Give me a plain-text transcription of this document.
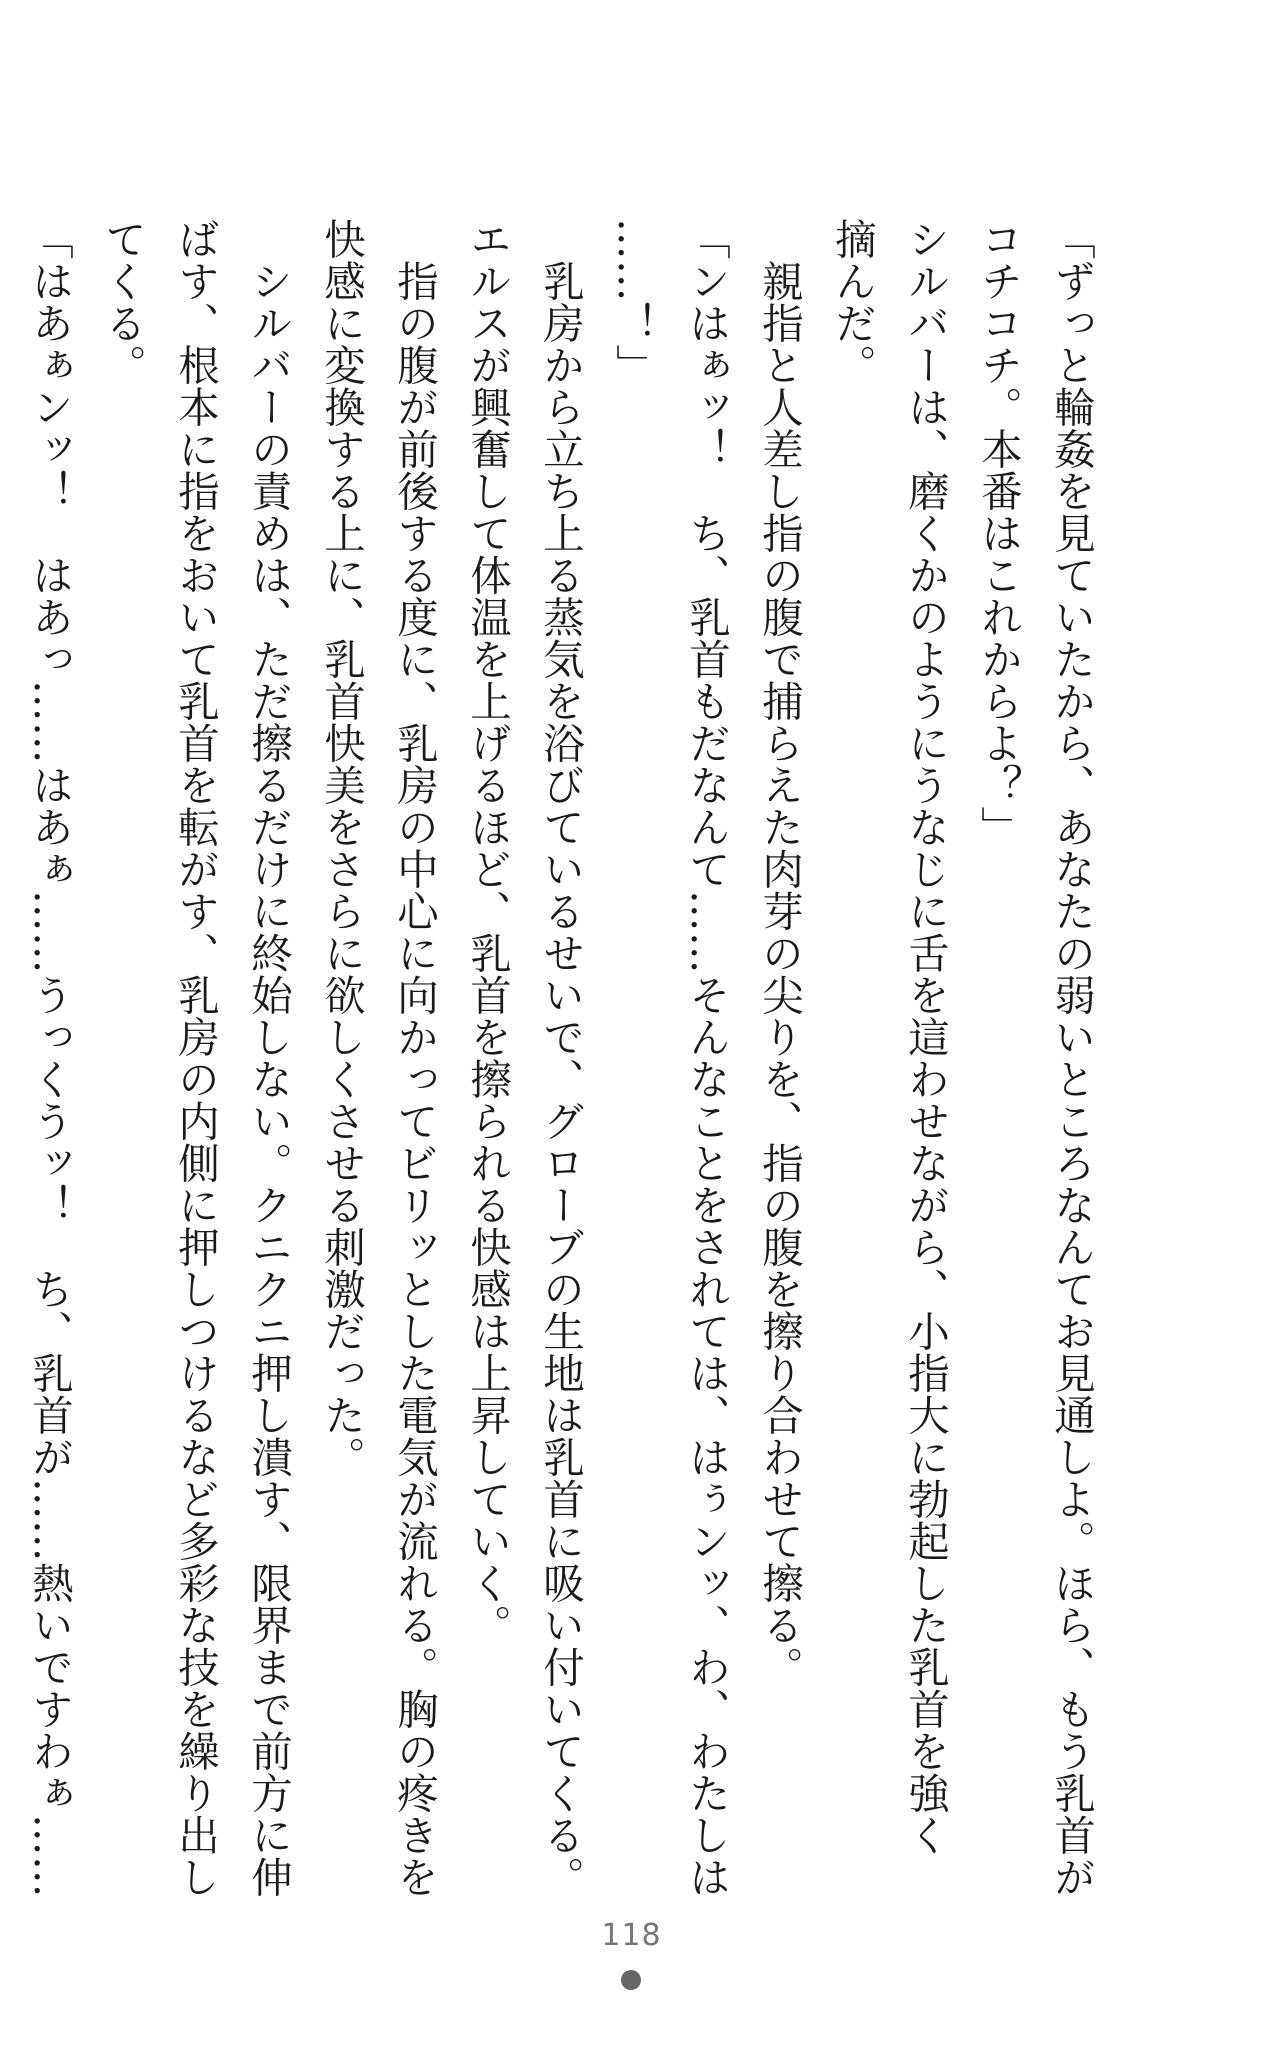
「ずっと輪姦を見ていたから、あなたの弱いところなんてお見通しよ。ほら、もう乳首が
コチコチ。本番はこれからよ？」
シルバーは、磨くかのようにうなじに舌を這わせながら、小指大に勃起した乳首を強く
摘んだ。
　親指と人差し指の腹で捕らえた肉芽の尖りを、指の腹を擦り合わせて擦る。
「ンはぁッ！　ち、乳首もだなんて……そんなことをされては、はぅンッ、わ、わたしは
……！」
　乳房から立ち上る蒸気を浴びているせいで、グローブの生地は乳首に吸い付いてくる。
エルスが興奮して体温を上げるほど、乳首を擦られる快感は上昇していく。
　指の腹が前後する度に、乳房の中心に向かってビリッとした電気が流れる。胸の疼きを
快感に変換する上に、乳首快美をさらに欲しくさせる刺激だった。
　シルバーの責めは、ただ擦るだけに終始しない。クニクニ押し潰す、限界まで前方に伸
ばす、根本に指をおいて乳首を転がす、乳房の内側に押しつけるなど多彩な技を繰り出し
てくる。
「はあぁンッ！　はあっ……はあぁ……うっくうッ！　ち、乳首が……熱いですわぁ……
118
